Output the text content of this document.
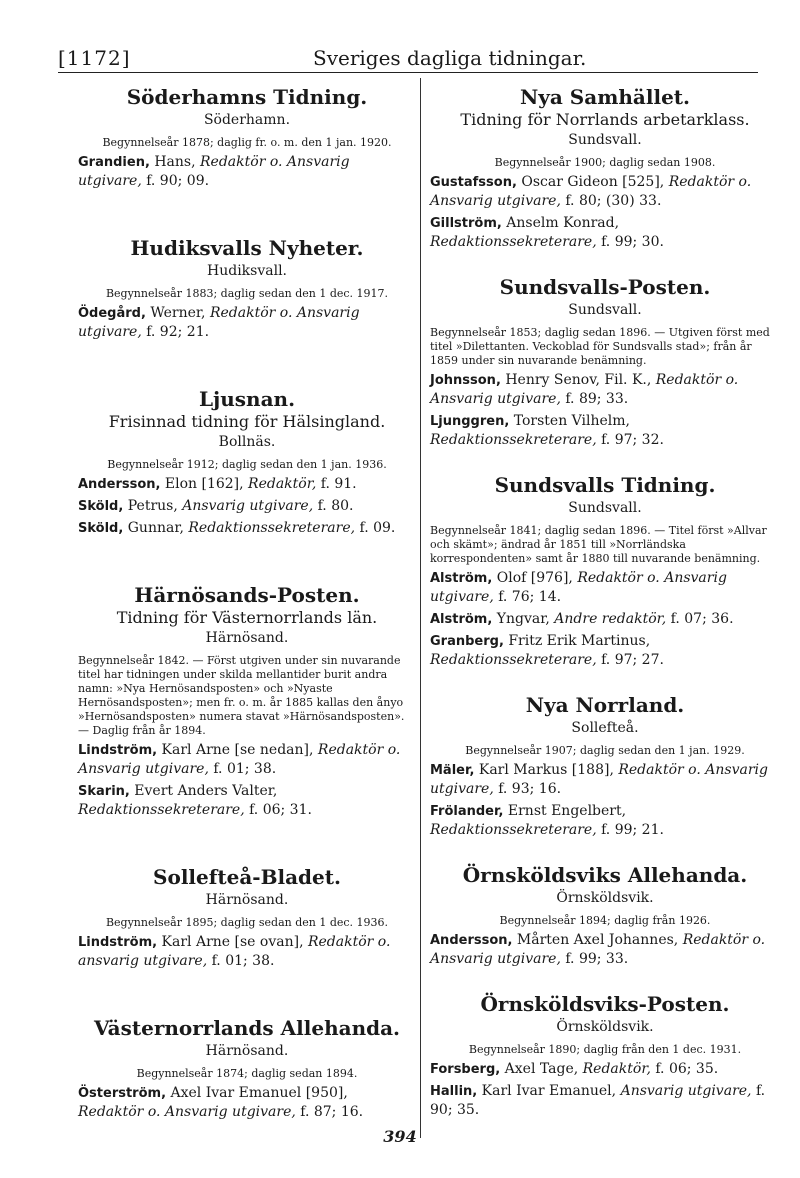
[1172]	Sveriges dagliga tidningar.
Söderhamns Tidning.
Söderhamn.
Begynnelseår 1878; daglig fr. o. m. den 1 jan. 1920.
Grandien, Hans, Redaktör o. Ansvarig utgivare, f. 90; 09.
Hudiksvalls Nyheter.
Hudiksvall.
Begynnelseår 1883; daglig sedan den 1 dec. 1917.
Ödegård, Werner, Redaktör o. Ansvarig utgivare, f. 92; 21.
Ljusnan.
Frisinnad tidning för Hälsingland.
Bollnäs.
Begynnelseår 1912; daglig sedan den 1 jan. 1936.
Andersson, Elon [162], Redaktör, f. 91.
Sköld, Petrus, Ansvarig utgivare, f. 80.
Sköld, Gunnar, Redaktionssekreterare, f. 09.
Härnösands-Posten.
Tidning för Västernorrlands län.
Härnösand.
Begynnelseår 1842. — Först utgiven under sin nuvarande titel har tidningen under skilda mellantider burit andra namn: »Nya Hernösandsposten» och »Nyaste Hernösandsposten»; men fr. o. m. år 1885 kallas den ånyo »Hernösandsposten» numera stavat »Härnösandsposten». — Daglig från år 1894.
Lindström, Karl Arne [se nedan], Redaktör o. Ansvarig utgivare, f. 01; 38.
Skarin, Evert Anders Valter, Redaktionssekreterare, f. 06; 31.
Sollefteå-Bladet.
Härnösand.
Begynnelseår 1895; daglig sedan den 1 dec. 1936.
Lindström, Karl Arne [se ovan], Redaktör o. ansvarig utgivare, f. 01; 38.
Västernorrlands Allehanda.
Härnösand.
Begynnelseår 1874; daglig sedan 1894.
Österström, Axel Ivar Emanuel [950], Redaktör o. Ansvarig utgivare, f. 87; 16.
Nya Samhället.
Tidning för Norrlands arbetarklass.
Sundsvall.
Begynnelseår 1900; daglig sedan 1908.
Gustafsson, Oscar Gideon [525], Redaktör o. Ansvarig utgivare, f. 80; (30) 33.
Gillström, Anselm Konrad, Redaktionssekreterare, f. 99; 30.
Sundsvalls-Posten.
Sundsvall.
Begynnelseår 1853; daglig sedan 1896. — Utgiven först med titel »Dilettanten. Veckoblad för Sundsvalls stad»; från år 1859 under sin nuvarande benämning.
Johnsson, Henry Senov, Fil. K., Redaktör o. Ansvarig utgivare, f. 89; 33.
Ljunggren, Torsten Vilhelm, Redaktionssekreterare, f. 97; 32.
Sundsvalls Tidning.
Sundsvall.
Begynnelseår 1841; daglig sedan 1896. — Titel först »Allvar och skämt»; ändrad år 1851 till »Norrländska korrespondenten» samt år 1880 till nuvarande benämning.
Alström, Olof [976], Redaktör o. Ansvarig utgivare, f. 76; 14.
Alström, Yngvar, Andre redaktör, f. 07; 36.
Granberg, Fritz Erik Martinus, Redaktionssekreterare, f. 97; 27.
Nya Norrland.
Sollefteå.
Begynnelseår 1907; daglig sedan den 1 jan. 1929.
Mäler, Karl Markus [188], Redaktör o. Ansvarig utgivare, f. 93; 16.
Frölander, Ernst Engelbert, Redaktionssekreterare, f. 99; 21.
Örnsköldsviks Allehanda.
Örnsköldsvik.
Begynnelseår 1894; daglig från 1926.
Andersson, Mårten Axel Johannes, Redaktör o. Ansvarig utgivare, f. 99; 33.
Örnsköldsviks-Posten.
Örnsköldsvik.
Begynnelseår 1890; daglig från den 1 dec. 1931.
Forsberg, Axel Tage, Redaktör, f. 06; 35.
Hallin, Karl Ivar Emanuel, Ansvarig utgivare, f. 90; 35.
394
